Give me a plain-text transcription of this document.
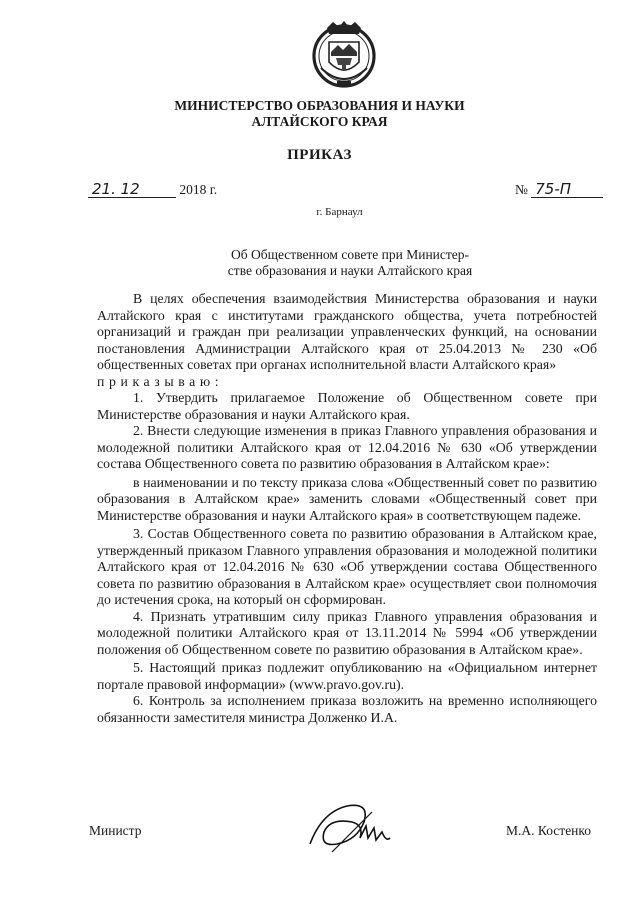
МИНИСТЕРСТВО ОБРАЗОВАНИЯ И НАУКИ
АЛТАЙСКОГО КРАЯ
ПРИКАЗ
21. 12	2018 г.	№ 75-П
г. Барнаул
Об Общественном совете при Министер-
стве образования и науки Алтайского края

В целях обеспечения взаимодействия Министерства образования и науки Алтайского края с институтами гражданского общества, учета потребностей организаций и граждан при реализации управленческих функций, на основании постановления Администрации Алтайского края от 25.04.2013 № 230 «Об общественных советах при органах исполнительной власти Алтайского края»

приказываю:

1. Утвердить прилагаемое Положение об Общественном совете при Министерстве образования и науки Алтайского края.

2. Внести следующие изменения в приказ Главного управления образования и молодежной политики Алтайского края от 12.04.2016 № 630 «Об утверждении состава Общественного совета по развитию образования в Алтайском крае»:

в наименовании и по тексту приказа слова «Общественный совет по развитию образования в Алтайском крае» заменить словами «Общественный совет при Министерстве образования и науки Алтайского края» в соответствующем падеже.

3. Состав Общественного совета по развитию образования в Алтайском крае, утвержденный приказом Главного управления образования и молодежной политики Алтайского края от 12.04.2016 № 630 «Об утверждении состава Общественного совета по развитию образования в Алтайском крае» осуществляет свои полномочия до истечения срока, на который он сформирован.

4. Признать утратившим силу приказ Главного управления образования и молодежной политики Алтайского края от 13.11.2014 № 5994 «Об утверждении положения об Общественном совете по развитию образования в Алтайском крае».

5. Настоящий приказ подлежит опубликованию на «Официальном интернет портале правовой информации» (www.pravo.gov.ru).

6. Контроль за исполнением приказа возложить на временно исполняющего обязанности заместителя министра Долженко И.А.

Министр	М.А. Костенко
